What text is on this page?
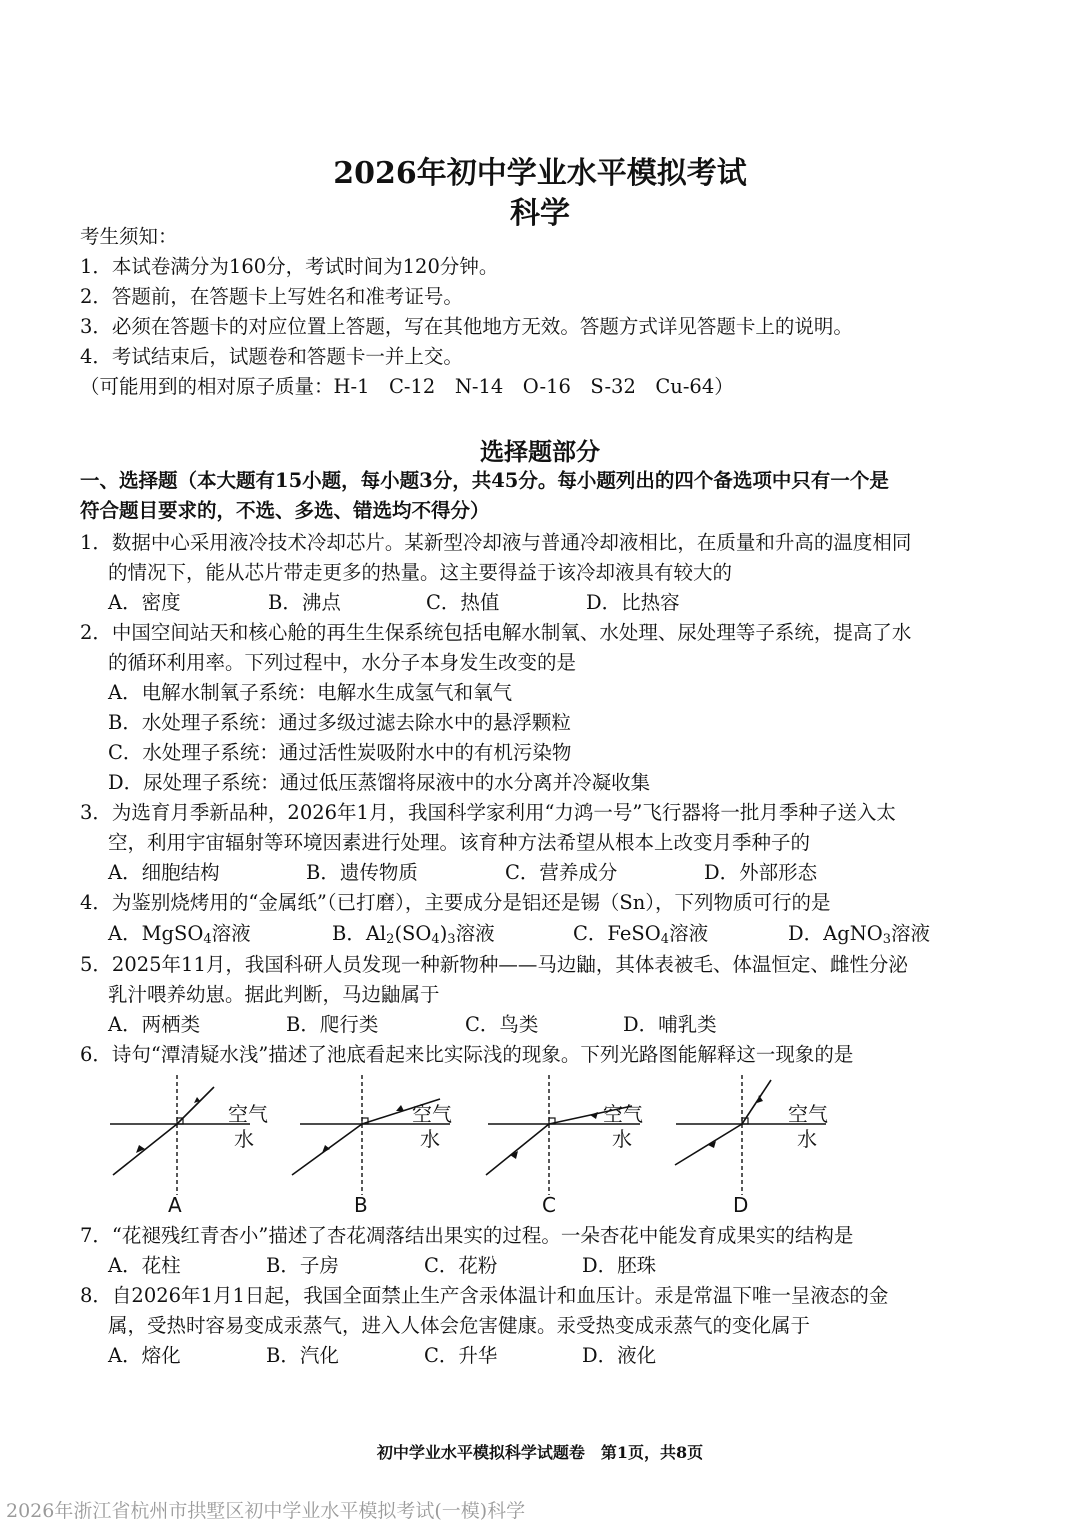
2026年初中学业水平模拟考试
科学
考生须知：
1．本试卷满分为160分，考试时间为120分钟。
2．答题前，在答题卡上写姓名和准考证号。
3．必须在答题卡的对应位置上答题，写在其他地方无效。答题方式详见答题卡上的说明。
4．考试结束后，试题卷和答题卡一并上交。
（可能用到的相对原子质量：H-1　C-12　N-14　O-16　S-32　Cu-64）
选择题部分
一、选择题（本大题有15小题，每小题3分，共45分。每小题列出的四个备选项中只有一个是
符合题目要求的，不选、多选、错选均不得分）
1．数据中心采用液冷技术冷却芯片。某新型冷却液与普通冷却液相比，在质量和升高的温度相同
的情况下，能从芯片带走更多的热量。这主要得益于该冷却液具有较大的
A．密度	B．沸点	C．热值	D．比热容
2．中国空间站天和核心舱的再生生保系统包括电解水制氧、水处理、尿处理等子系统，提高了水
的循环利用率。下列过程中，水分子本身发生改变的是
A．电解水制氧子系统：电解水生成氢气和氧气
B．水处理子系统：通过多级过滤去除水中的悬浮颗粒
C．水处理子系统：通过活性炭吸附水中的有机污染物
D．尿处理子系统：通过低压蒸馏将尿液中的水分离并冷凝收集
3．为选育月季新品种，2026年1月，我国科学家利用“力鸿一号”飞行器将一批月季种子送入太
空，利用宇宙辐射等环境因素进行处理。该育种方法希望从根本上改变月季种子的
A．细胞结构	B．遗传物质	C．营养成分	D．外部形态
4．为鉴别烧烤用的“金属纸”（已打磨），主要成分是铝还是锡（Sn），下列物质可行的是
A．MgSO$_4$溶液	B．$Al_2(SO_4)_3$溶液	C．FeSO$_4$溶液	D．AgNO$_3$溶液
5．2025年11月，我国科研人员发现一种新物种——马边鼬，其体表被毛、体温恒定、雌性分泌
乳汁喂养幼崽。据此判断，马边鼬属于
A．两栖类	B．爬行类	C．鸟类	D．哺乳类
6．诗句“潭清疑水浅”描述了池底看起来比实际浅的现象。下列光路图能解释这一现象的是
空气
水
A
空气
水
B
空气
水
C
空气
水
D
7．“花褪残红青杏小”描述了杏花凋落结出果实的过程。一朵杏花中能发育成果实的结构是
A．花柱	B．子房	C．花粉	D．胚珠
8．自2026年1月1日起，我国全面禁止生产含汞体温计和血压计。汞是常温下唯一呈液态的金
属，受热时容易变成汞蒸气，进入人体会危害健康。汞受热变成汞蒸气的变化属于
A．熔化	B．汽化	C．升华	D．液化
初中学业水平模拟科学试题卷　第1页，共8页
2026年浙江省杭州市拱墅区初中学业水平模拟考试(一模)科学
